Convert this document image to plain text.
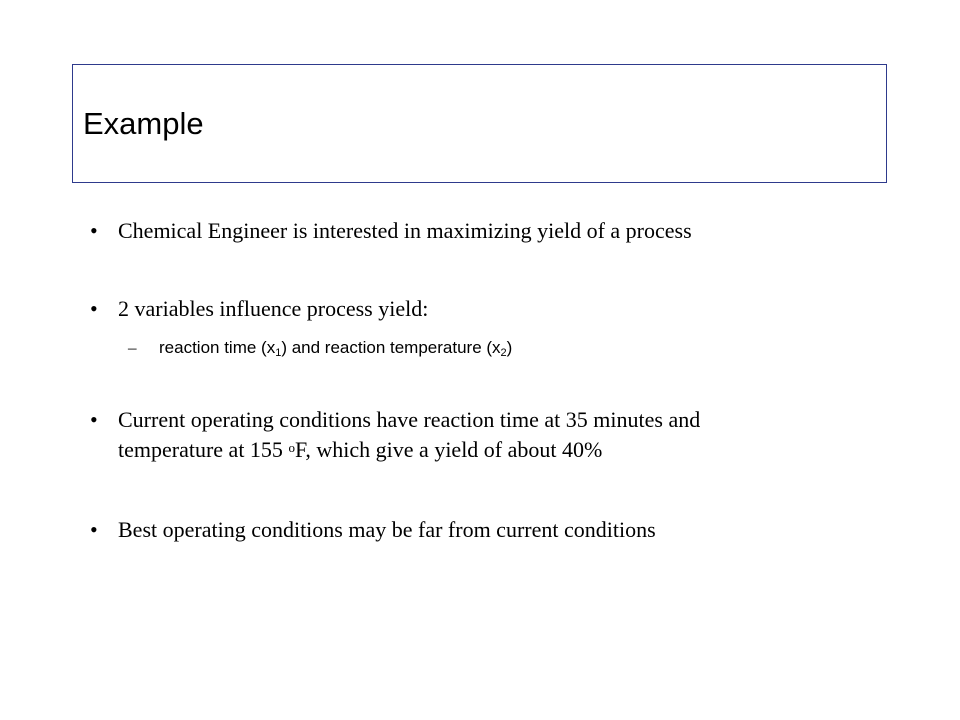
Example
• Chemical Engineer is interested in maximizing yield of a process
• 2 variables influence process yield:
– reaction time $(x_1)$ and reaction temperature $(x_2)$
• Current operating conditions have reaction time at 35 minutes and
temperature at 155 $^o$F, which give a yield of about 40%
• Best operating conditions may be far from current conditions
